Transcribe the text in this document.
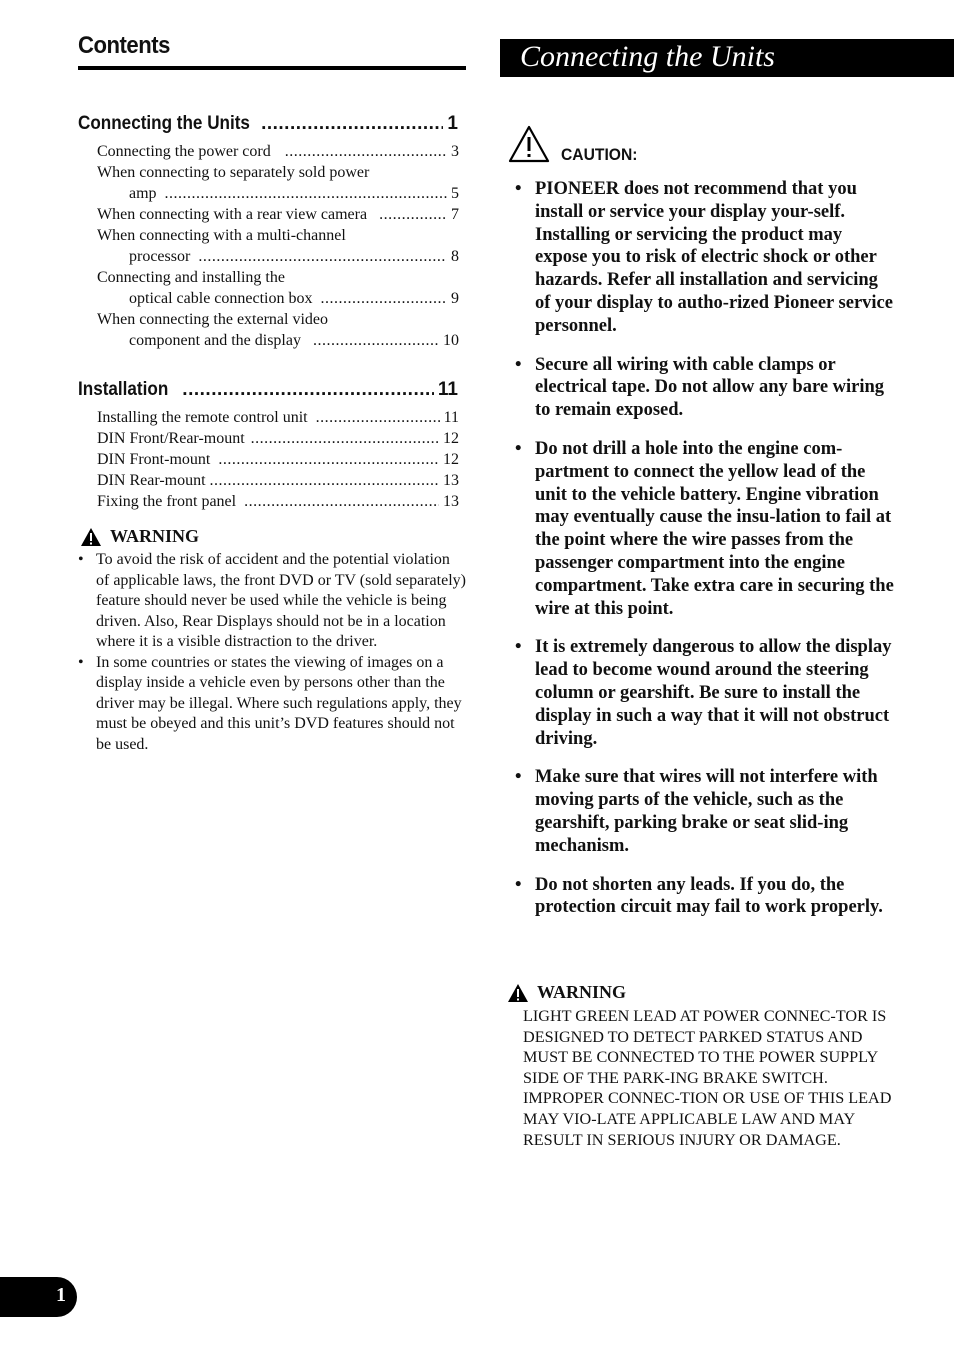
Contents
Connecting the Units .....	1
Connecting the power cord .....	3
When connecting to separately sold power
amp .....	5
When connecting with a rear view camera .....	7
When connecting with a multi-channel
processor .....	8
Connecting and installing the
optical cable connection box .....	9
When connecting the external video
component and the display .....	10
Installation .....	11
Installing the remote control unit .....	11
DIN Front/Rear-mount .....	12
DIN Front-mount .....	12
DIN Rear-mount .....	13
Fixing the front panel .....	13
WARNING
• To avoid the risk of accident and the potential violation of applicable laws, the front DVD or TV (sold separately) feature should never be used while the vehicle is being driven. Also, Rear Displays should not be in a location where it is a visible distraction to the driver.
• In some countries or states the viewing of images on a display inside a vehicle even by persons other than the driver may be illegal. Where such regulations apply, they must be obeyed and this unit’s DVD features should not be used.
Connecting the Units
CAUTION:
• PIONEER does not recommend that you install or service your display your-self. Installing or servicing the product may expose you to risk of electric shock or other hazards. Refer all installation and servicing of your display to autho-rized Pioneer service personnel.
• Secure all wiring with cable clamps or electrical tape. Do not allow any bare wiring to remain exposed.
• Do not drill a hole into the engine com-partment to connect the yellow lead of the unit to the vehicle battery. Engine vibration may eventually cause the insu-lation to fail at the point where the wire passes from the passenger compartment into the engine compartment. Take extra care in securing the wire at this point.
• It is extremely dangerous to allow the display lead to become wound around the steering column or gearshift. Be sure to install the display in such a way that it will not obstruct driving.
• Make sure that wires will not interfere with moving parts of the vehicle, such as the gearshift, parking brake or seat slid-ing mechanism.
• Do not shorten any leads. If you do, the protection circuit may fail to work properly.
WARNING
LIGHT GREEN LEAD AT POWER CONNEC-TOR IS DESIGNED TO DETECT PARKED STATUS AND MUST BE CONNECTED TO THE POWER SUPPLY SIDE OF THE PARK-ING BRAKE SWITCH. IMPROPER CONNEC-TION OR USE OF THIS LEAD MAY VIO-LATE APPLICABLE LAW AND MAY RESULT IN SERIOUS INJURY OR DAMAGE.
1
